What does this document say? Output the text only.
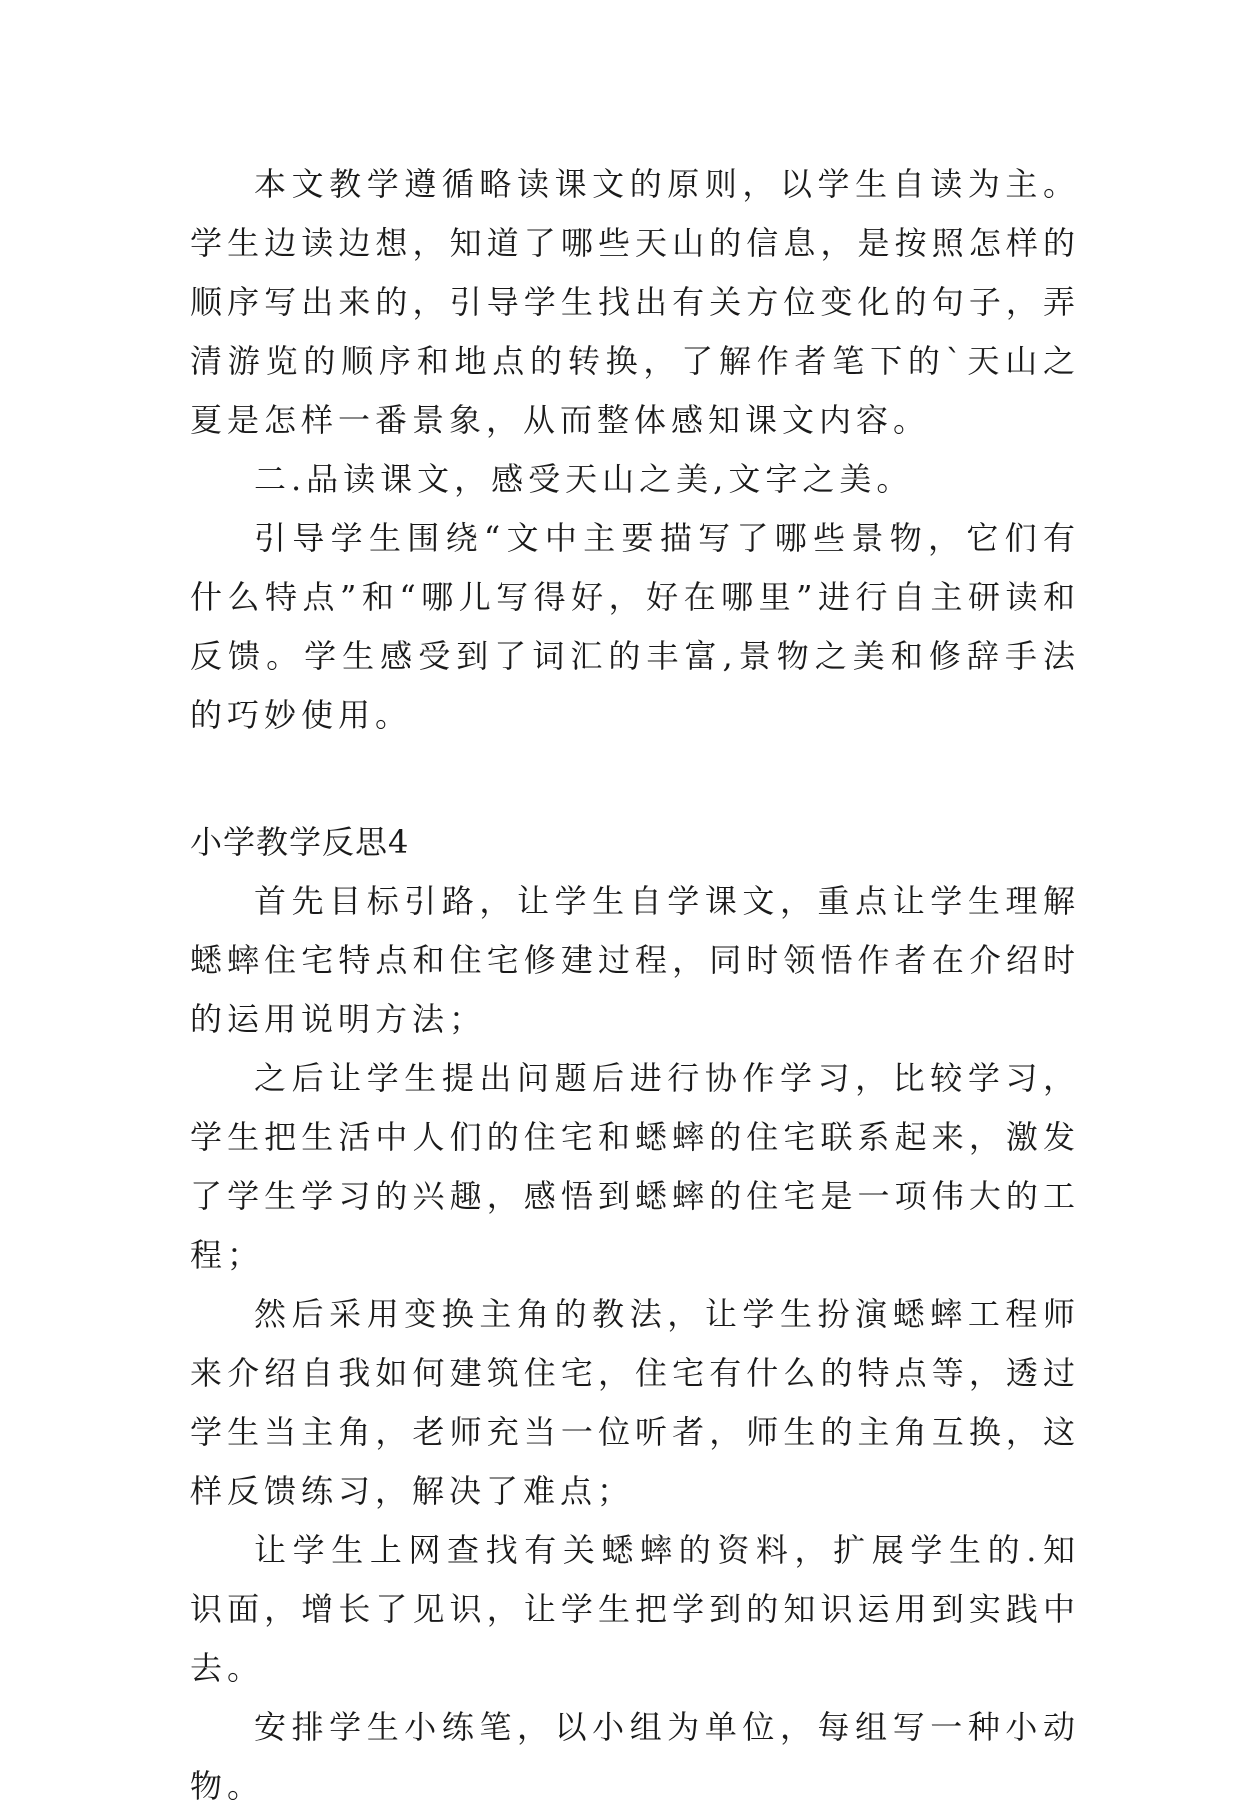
本文教学遵循略读课文的原则，以学生自读为主。学生边读边想，知道了哪些天山的信息，是按照怎样的顺序写出来的，引导学生找出有关方位变化的句子，弄清游览的顺序和地点的转换，了解作者笔下的`天山之夏是怎样一番景象，从而整体感知课文内容。

二.品读课文，感受天山之美,文字之美。

引导学生围绕“文中主要描写了哪些景物，它们有什么特点”和“哪儿写得好，好在哪里”进行自主研读和反馈。学生感受到了词汇的丰富,景物之美和修辞手法的巧妙使用。

小学教学反思4

首先目标引路，让学生自学课文，重点让学生理解蟋蟀住宅特点和住宅修建过程，同时领悟作者在介绍时的运用说明方法；

之后让学生提出问题后进行协作学习，比较学习，学生把生活中人们的住宅和蟋蟀的住宅联系起来，激发了学生学习的兴趣，感悟到蟋蟀的住宅是一项伟大的工程；

然后采用变换主角的教法，让学生扮演蟋蟀工程师来介绍自我如何建筑住宅，住宅有什么的特点等，透过学生当主角，老师充当一位听者，师生的主角互换，这样反馈练习，解决了难点；

让学生上网查找有关蟋蟀的资料，扩展学生的.知识面，增长了见识，让学生把学到的知识运用到实践中去。

安排学生小练笔，以小组为单位，每组写一种小动物。
